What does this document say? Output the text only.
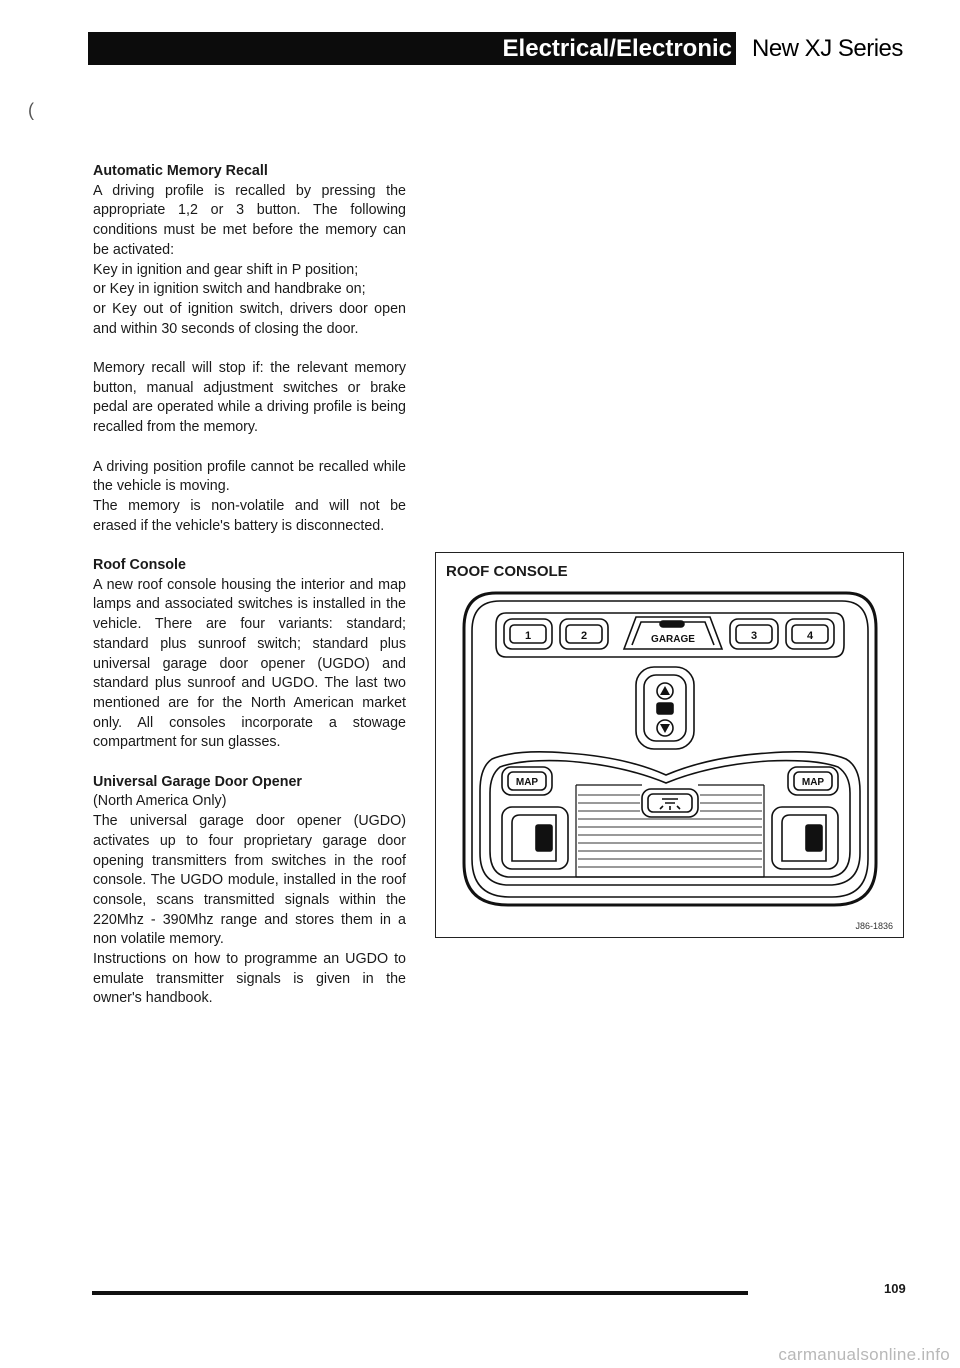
Electrical/Electronic New XJ Series
(
Automatic Memory Recall

A driving profile is recalled by pressing the appropriate 1,2 or 3 button. The following conditions must be met before the memory can be activated:

Key in ignition and gear shift in P position;

or Key in ignition switch and handbrake on;

or Key out of ignition switch, drivers door open and within 30 seconds of closing the door.

Memory recall will stop if: the relevant memory button, manual adjustment switches or brake pedal are operated while a driving profile is being recalled from the memory.

A driving position profile cannot be recalled while the vehicle is moving.

The memory is non-volatile and will not be erased if the vehicle's battery is disconnected.

Roof Console

A new roof console housing the interior and map lamps and associated switches is installed in the vehicle. There are four variants: standard; standard plus sunroof switch; standard plus universal garage door opener (UGDO) and standard plus sunroof and UGDO. The last two mentioned are for the North American market only. All consoles incorporate a stowage compartment for sun glasses.

Universal Garage Door Opener

(North America Only)

The universal garage door opener (UGDO) activates up to four proprietary garage door opening transmitters from switches in the roof console. The UGDO module, installed in the roof console, scans transmitted signals within the 220Mhz - 390Mhz range and stores them in a non volatile memory.

Instructions on how to programme an UGDO to emulate transmitter signals is given in the owner's handbook.

ROOF CONSOLE
1	2	GARAGE	3	4
MAP	MAP
J86-1836
109
carmanualsonline.info
